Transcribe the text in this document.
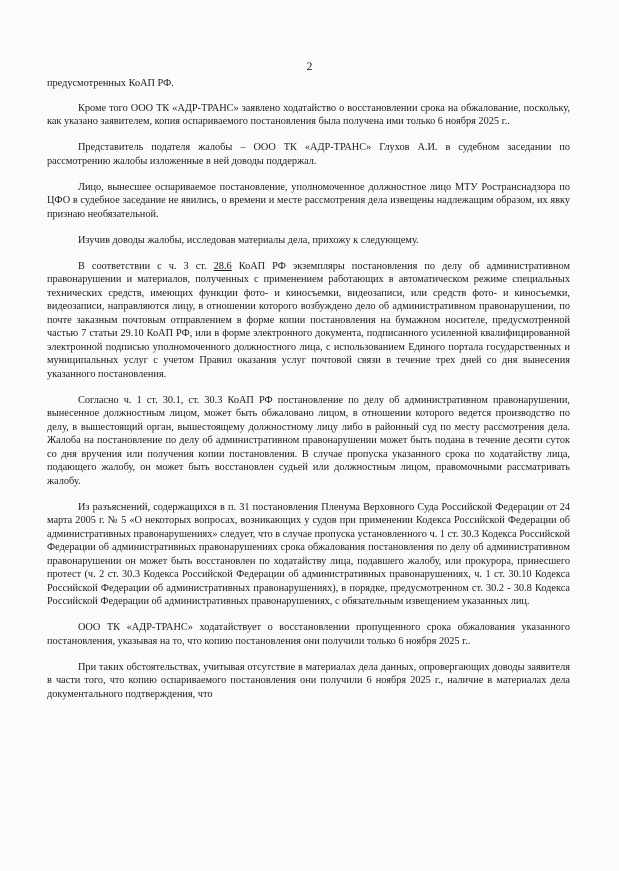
2

предусмотренных КоАП РФ.

Кроме того ООО ТК «АДР-ТРАНС» заявлено ходатайство о восстановлении срока на обжалование, поскольку, как указано заявителем, копия оспариваемого постановления была получена ими только 6 ноября 2025 г..

Представитель подателя жалобы – ООО ТК «АДР-ТРАНС» Глухов А.И. в судебном заседании по рассмотрению жалобы изложенные в ней доводы поддержал.

Лицо, вынесшее оспариваемое постановление, уполномоченное должностное лицо МТУ Ространснадзора по ЦФО в судебное заседание не явились, о времени и месте рассмотрения дела извещены надлежащим образом, их явку признаю необязательной.

Изучив доводы жалобы, исследовав материалы дела, прихожу к следующему.

В соответствии с ч. 3 ст. 28.6 КоАП РФ экземпляры постановления по делу об административном правонарушении и материалов, полученных с применением работающих в автоматическом режиме специальных технических средств, имеющих функции фото- и киносъемки, видеозаписи, или средств фото- и киносъемки, видеозаписи, направляются лицу, в отношении которого возбуждено дело об административном правонарушении, по почте заказным почтовым отправлением в форме копии постановления на бумажном носителе, предусмотренной частью 7 статьи 29.10 КоАП РФ, или в форме электронного документа, подписанного усиленной квалифицированной электронной подписью уполномоченного должностного лица, с использованием Единого портала государственных и муниципальных услуг с учетом Правил оказания услуг почтовой связи в течение трех дней со дня вынесения указанного постановления.

Согласно ч. 1 ст. 30.1, ст. 30.3 КоАП РФ постановление по делу об административном правонарушении, вынесенное должностным лицом, может быть обжаловано лицом, в отношении которого ведется производство по делу, в вышестоящий орган, вышестоящему должностному лицу либо в районный суд по месту рассмотрения дела. Жалоба на постановление по делу об административном правонарушении может быть подана в течение десяти суток со дня вручения или получения копии постановления. В случае пропуска указанного срока по ходатайству лица, подающего жалобу, он может быть восстановлен судьей или должностным лицом, правомочными рассматривать жалобу.

Из разъяснений, содержащихся в п. 31 постановления Пленума Верховного Суда Российской Федерации от 24 марта 2005 г. № 5 «О некоторых вопросах, возникающих у судов при применении Кодекса Российской Федерации об административных правонарушениях» следует, что в случае пропуска установленного ч. 1 ст. 30.3 Кодекса Российской Федерации об административных правонарушениях срока обжалования постановления по делу об административном правонарушении он может быть восстановлен по ходатайству лица, подавшего жалобу, или прокурора, принесшего протест (ч. 2 ст. 30.3 Кодекса Российской Федерации об административных правонарушениях, ч. 1 ст. 30.10 Кодекса Российской Федерации об административных правонарушениях), в порядке, предусмотренном ст. 30.2 - 30.8 Кодекса Российской Федерации об административных правонарушениях, с обязательным извещением указанных лиц.

ООО ТК «АДР-ТРАНС» ходатайствует о восстановлении пропущенного срока обжалования указанного постановления, указывая на то, что копию постановления они получили только 6 ноября 2025 г..

При таких обстоятельствах, учитывая отсутствие в материалах дела данных, опровергающих доводы заявителя в части того, что копию оспариваемого постановления они получили 6 ноября 2025 г., наличие в материалах дела документального подтверждения, что
